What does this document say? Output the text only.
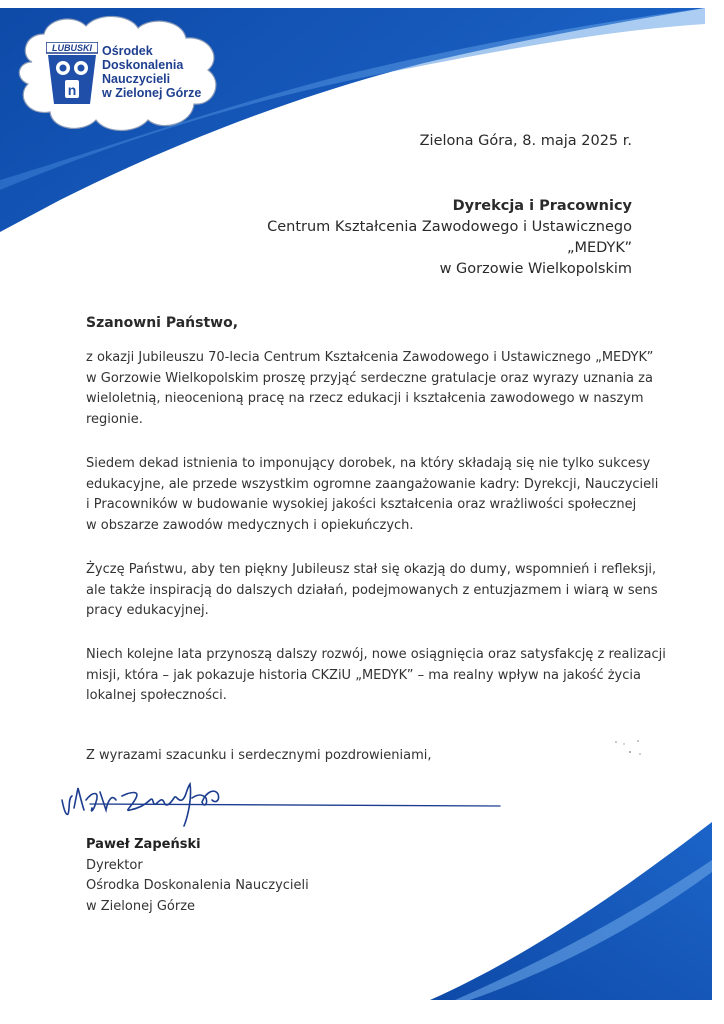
LUBUSKI
n
Ośrodek
Doskonalenia
Nauczycieli
w Zielonej Górze
Zielona Góra, 8. maja 2025 r.
Dyrekcja i Pracownicy
Centrum Kształcenia Zawodowego i Ustawicznego
„MEDYK”
w Gorzowie Wielkopolskim
Szanowni Państwo,
z okazji Jubileuszu 70-lecia Centrum Kształcenia Zawodowego i Ustawicznego „MEDYK”
w Gorzowie Wielkopolskim proszę przyjąć serdeczne gratulacje oraz wyrazy uznania za
wieloletnią, nieocenioną pracę na rzecz edukacji i kształcenia zawodowego w naszym
regionie.
Siedem dekad istnienia to imponujący dorobek, na który składają się nie tylko sukcesy
edukacyjne, ale przede wszystkim ogromne zaangażowanie kadry: Dyrekcji, Nauczycieli
i Pracowników w budowanie wysokiej jakości kształcenia oraz wrażliwości społecznej
w obszarze zawodów medycznych i opiekuńczych.
Życzę Państwu, aby ten piękny Jubileusz stał się okazją do dumy, wspomnień i refleksji,
ale także inspiracją do dalszych działań, podejmowanych z entuzjazmem i wiarą w sens
pracy edukacyjnej.
Niech kolejne lata przynoszą dalszy rozwój, nowe osiągnięcia oraz satysfakcję z realizacji
misji, która – jak pokazuje historia CKZiU „MEDYK” – ma realny wpływ na jakość życia
lokalnej społeczności.
Z wyrazami szacunku i serdecznymi pozdrowieniami,
Paweł Zapeński
Dyrektor
Ośrodka Doskonalenia Nauczycieli
w Zielonej Górze
